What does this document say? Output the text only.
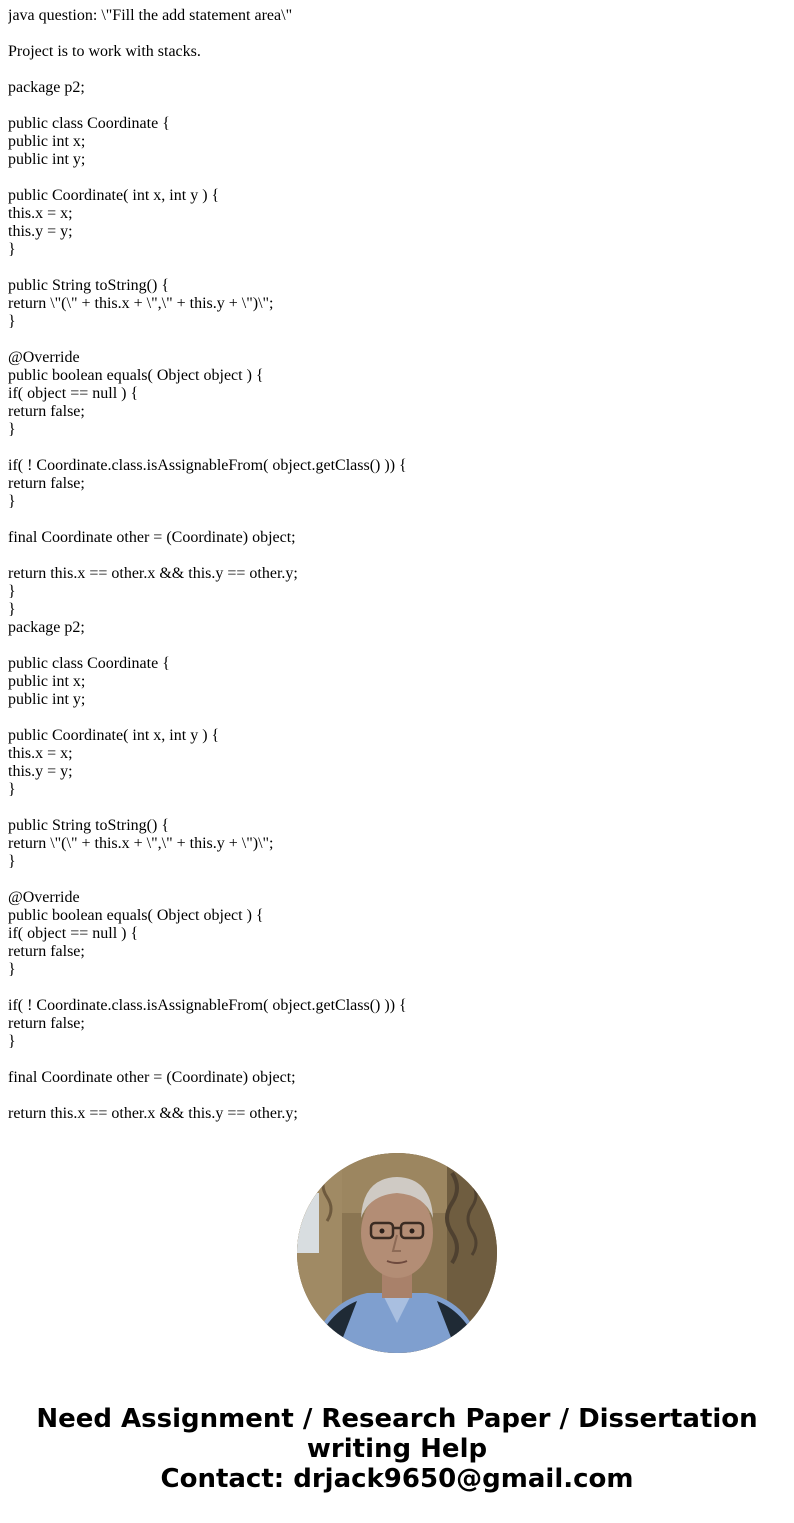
java question: \"Fill the add statement area\"
Project is to work with stacks.
package p2;
public class Coordinate {
public int x;
public int y;
public Coordinate( int x, int y ) {
this.x = x;
this.y = y;
}
public String toString() {
return \"(\" + this.x + \",\" + this.y + \")\";
}
@Override
public boolean equals( Object object ) {
if( object == null ) {
return false;
}
if( ! Coordinate.class.isAssignableFrom( object.getClass() )) {
return false;
}
final Coordinate other = (Coordinate) object;
return this.x == other.x && this.y == other.y;
}
}
package p2;
public class Coordinate {
public int x;
public int y;
public Coordinate( int x, int y ) {
this.x = x;
this.y = y;
}
public String toString() {
return \"(\" + this.x + \",\" + this.y + \")\";
}
@Override
public boolean equals( Object object ) {
if( object == null ) {
return false;
}
if( ! Coordinate.class.isAssignableFrom( object.getClass() )) {
return false;
}
final Coordinate other = (Coordinate) object;
return this.x == other.x && this.y == other.y;
Need Assignment / Research Paper / Dissertation
writing Help
Contact: drjack9650@gmail.com
